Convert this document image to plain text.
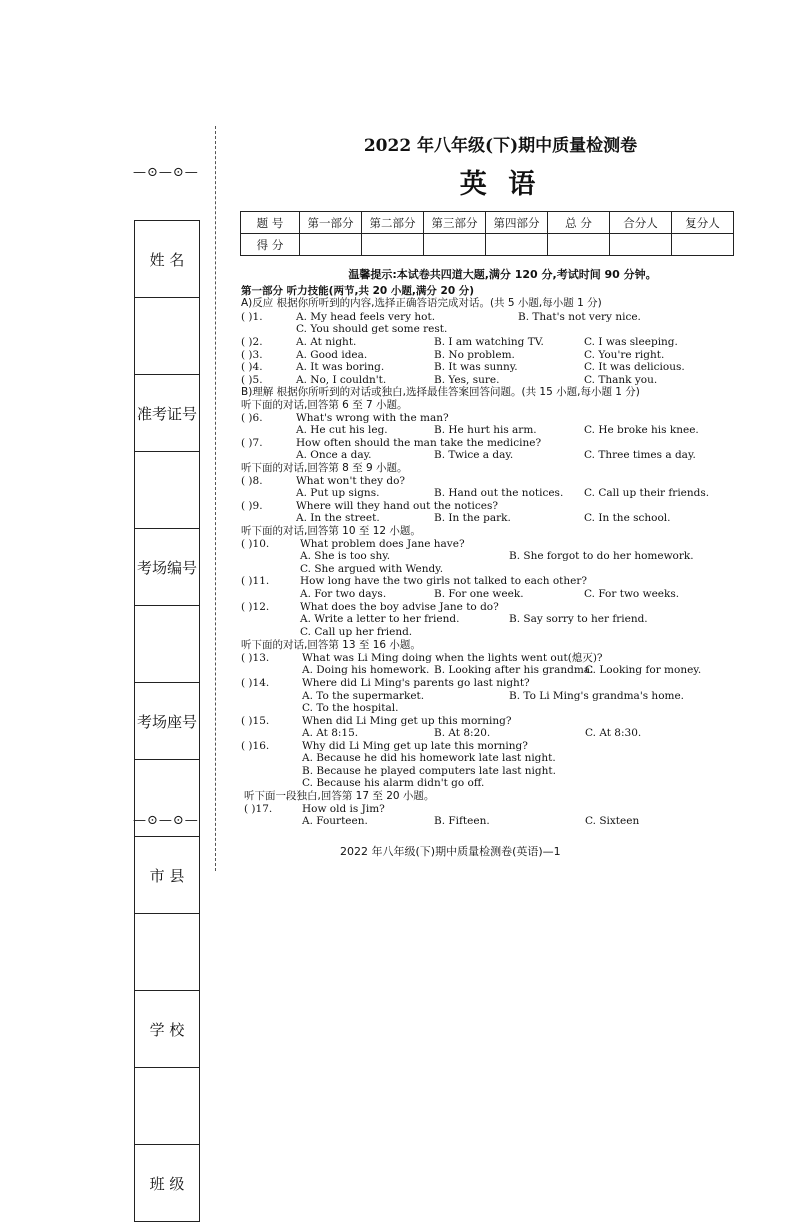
—⊙—⊙—
—⊙—⊙—
姓 名
准考证号
考场编号
考场座号
市 县
学 校
班 级
2022 年八年级(下)期中质量检测卷
英 语
题 号	第一部分	第二部分	第三部分	第四部分	总 分	合分人	复分人
得 分							
温馨提示:本试卷共四道大题,满分 120 分,考试时间 90 分钟。
第一部分 听力技能(两节,共 20 小题,满分 20 分)
A)反应 根据你所听到的内容,选择正确答语完成对话。(共 5 小题,每小题 1 分)
( )1.	A. My head feels very hot.	B. That's not very nice.
C. You should get some rest.
( )2.	A. At night.	B. I am watching TV.	C. I was sleeping.
( )3.	A. Good idea.	B. No problem.	C. You're right.
( )4.	A. It was boring.	B. It was sunny.	C. It was delicious.
( )5.	A. No, I couldn't.	B. Yes, sure.	C. Thank you.
B)理解 根据你所听到的对话或独白,选择最佳答案回答问题。(共 15 小题,每小题 1 分)
听下面的对话,回答第 6 至 7 小题。
( )6.	What's wrong with the man?
A. He cut his leg.	B. He hurt his arm.	C. He broke his knee.
( )7.	How often should the man take the medicine?
A. Once a day.	B. Twice a day.	C. Three times a day.
听下面的对话,回答第 8 至 9 小题。
( )8.	What won't they do?
A. Put up signs.	B. Hand out the notices. C. Call up their friends.
( )9.	Where will they hand out the notices?
A. In the street.	B. In the park.	C. In the school.
听下面的对话,回答第 10 至 12 小题。
( )10.	What problem does Jane have?
A. She is too shy.	B. She forgot to do her homework.
C. She argued with Wendy.
( )11.	How long have the two girls not talked to each other?
A. For two days.	B. For one week.	C. For two weeks.
( )12.	What does the boy advise Jane to do?
A. Write a letter to her friend.	B. Say sorry to her friend.
C. Call up her friend.
听下面的对话,回答第 13 至 16 小题。
( )13.	What was Li Ming doing when the lights went out(熄灭)?
A. Doing his homework. B. Looking after his grandma.
C. Looking for money.
( )14.	Where did Li Ming's parents go last night?
A. To the supermarket.	B. To Li Ming's grandma's home.
C. To the hospital.
( )15.	When did Li Ming get up this morning?
A. At 8:15.	B. At 8:20.	C. At 8:30.
( )16.	Why did Li Ming get up late this morning?
A. Because he did his homework late last night.
B. Because he played computers late last night.
C. Because his alarm didn't go off.
听下面一段独白,回答第 17 至 20 小题。
( )17.	How old is Jim?
A. Fourteen.	B. Fifteen.	C. Sixteen
2022 年八年级(下)期中质量检测卷(英语)—1
